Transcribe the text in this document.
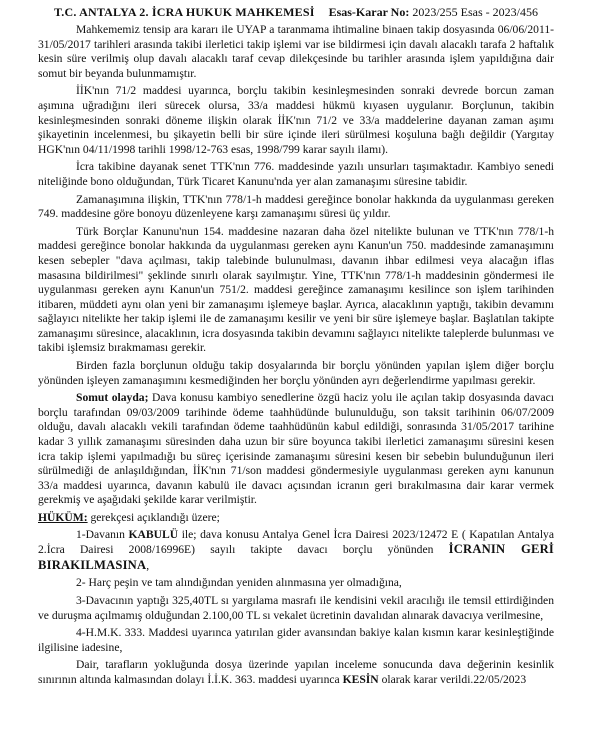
T.C. ANTALYA 2. İCRA HUKUK MAHKEMESİ Esas-Karar No: 2023/255 Esas - 2023/456

Mahkememiz tensip ara kararı ile UYAP a taranmama ihtimaline binaen takip dosyasında 06/06/2011- 31/05/2017 tarihleri arasında takibi ilerletici takip işlemi var ise bildirmesi için davalı alacaklı tarafa 2 haftalık kesin süre verilmiş olup davalı alacaklı taraf cevap dilekçesinde bu tarihler arasında işlem yapıldığına dair somut bir beyanda bulunmamıştır.

İİK'nın 71/2 maddesi uyarınca, borçlu takibin kesinleşmesinden sonraki devrede borcun zaman aşımına uğradığını ileri sürecek olursa, 33/a maddesi hükmü kıyasen uygulanır. Borçlunun, takibin kesinleşmesinden sonraki döneme ilişkin olarak İİK'nın 71/2 ve 33/a maddelerine dayanan zaman aşımı şikayetinin incelenmesi, bu şikayetin belli bir süre içinde ileri sürülmesi koşuluna bağlı değildir (Yargıtay HGK'nın 04/11/1998 tarihli 1998/12-763 esas, 1998/799 karar sayılı ilamı).

İcra takibine dayanak senet TTK'nın 776. maddesinde yazılı unsurları taşımaktadır. Kambiyo senedi niteliğinde bono olduğundan, Türk Ticaret Kanunu'nda yer alan zamanaşımı süresine tabidir.

Zamanaşımına ilişkin, TTK'nın 778/1-h maddesi gereğince bonolar hakkında da uygulanması gereken 749. maddesine göre bonoyu düzenleyene karşı zamanaşımı süresi üç yıldır.

Türk Borçlar Kanunu'nun 154. maddesine nazaran daha özel nitelikte bulunan ve TTK'nın 778/1-h maddesi gereğince bonolar hakkında da uygulanması gereken aynı Kanun'un 750. maddesinde zamanaşımını kesen sebepler "dava açılması, takip talebinde bulunulması, davanın ihbar edilmesi veya alacağın iflas masasına bildirilmesi" şeklinde sınırlı olarak sayılmıştır. Yine, TTK'nın 778/1-h maddesinin göndermesi ile uygulanması gereken aynı Kanun'un 751/2. maddesi gereğince zamanaşımı kesilince son işlem tarihinden itibaren, müddeti aynı olan yeni bir zamanaşımı işlemeye başlar. Ayrıca, alacaklının yaptığı, takibin devamını sağlayıcı nitelikte her takip işlemi ile de zamanaşımı kesilir ve yeni bir süre işlemeye başlar. Başlatılan takipte zamanaşımı süresince, alacaklının, icra dosyasında takibin devamını sağlayıcı nitelikte taleplerde bulunması ve takibi işlemsiz bırakmaması gerekir.

Birden fazla borçlunun olduğu takip dosyalarında bir borçlu yönünden yapılan işlem diğer borçlu yönünden işleyen zamanaşımını kesmediğinden her borçlu yönünden ayrı değerlendirme yapılması gerekir.

Somut olayda; Dava konusu kambiyo senedlerine özgü haciz yolu ile açılan takip dosyasında davacı borçlu tarafından 09/03/2009 tarihinde ödeme taahhüdünde bulunulduğu, son taksit tarihinin 06/07/2009 olduğu, davalı alacaklı vekili tarafından ödeme taahhüdünün kabul edildiği, sonrasında 31/05/2017 tarihine kadar 3 yıllık zamanaşımı süresinden daha uzun bir süre boyunca takibi ilerletici zamanaşımı süresini kesen icra takip işlemi yapılmadığı bu süreç içerisinde zamanaşımı süresini kesen bir sebebin bulunduğunun ileri sürülmediği de anlaşıldığından, İİK'nın 71/son maddesi göndermesiyle uygulanması gereken aynı kanunun 33/a maddesi uyarınca, davanın kabulü ile davacı açısından icranın geri bırakılmasına dair karar vermek gerekmiş ve aşağıdaki şekilde karar verilmiştir.

HÜKÜM: gerekçesi açıklandığı üzere;

1-Davanın KABULÜ ile; dava konusu Antalya Genel İcra Dairesi 2023/12472 E ( Kapatılan Antalya 2.İcra Dairesi 2008/16996E) sayılı takipte davacı borçlu yönünden İCRANIN GERİ BIRAKILMASINA,

2- Harç peşin ve tam alındığından yeniden alınmasına yer olmadığına,

3-Davacının yaptığı 325,40TL sı yargılama masrafı ile kendisini vekil aracılığı ile temsil ettirdiğinden ve duruşma açılmamış olduğundan 2.100,00 TL sı vekalet ücretinin davalıdan alınarak davacıya verilmesine,

4-H.M.K. 333. Maddesi uyarınca yatırılan gider avansından bakiye kalan kısmın karar kesinleştiğinde ilgilisine iadesine,

Dair, tarafların yokluğunda dosya üzerinde yapılan inceleme sonucunda dava değerinin kesinlik sınırının altında kalmasından dolayı İ.İ.K. 363. maddesi uyarınca KESİN olarak karar verildi.22/05/2023
